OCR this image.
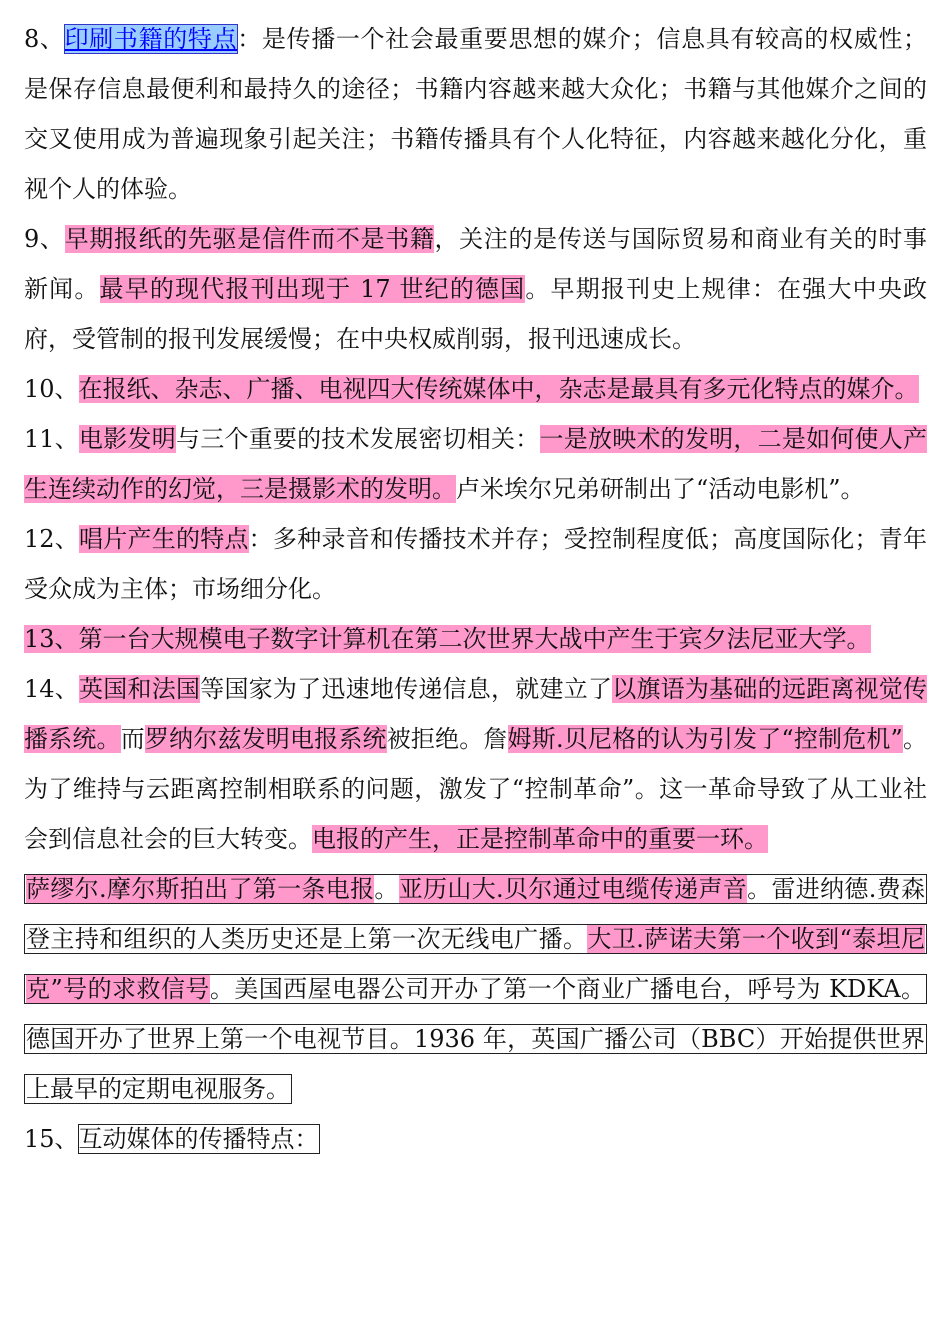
8、印刷书籍的特点：是传播一个社会最重要思想的媒介；信息具有较高的权威性；是保存信息最便利和最持久的途径；书籍内容越来越大众化；书籍与其他媒介之间的交叉使用成为普遍现象引起关注；书籍传播具有个人化特征，内容越来越化分化，重视个人的体验。

9、早期报纸的先驱是信件而不是书籍，关注的是传送与国际贸易和商业有关的时事新闻。最早的现代报刊出现于 17 世纪的德国。早期报刊史上规律：在强大中央政府，受管制的报刊发展缓慢；在中央权威削弱，报刊迅速成长。

10、在报纸、杂志、广播、电视四大传统媒体中，杂志是最具有多元化特点的媒介。

11、电影发明与三个重要的技术发展密切相关：一是放映术的发明，二是如何使人产生连续动作的幻觉，三是摄影术的发明。卢米埃尔兄弟研制出了“活动电影机”。

12、唱片产生的特点：多种录音和传播技术并存；受控制程度低；高度国际化；青年受众成为主体；市场细分化。

13、第一台大规模电子数字计算机在第二次世界大战中产生于宾夕法尼亚大学。

14、英国和法国等国家为了迅速地传递信息，就建立了以旗语为基础的远距离视觉传播系统。而罗纳尔兹发明电报系统被拒绝。詹姆斯.贝尼格的认为引发了“控制危机”。为了维持与云距离控制相联系的问题，激发了“控制革命”。这一革命导致了从工业社会到信息社会的巨大转变。电报的产生，正是控制革命中的重要一环。

萨缪尔.摩尔斯拍出了第一条电报。亚历山大.贝尔通过电缆传递声音。雷进纳德.费森登主持和组织的人类历史还是上第一次无线电广播。大卫.萨诺夫第一个收到“泰坦尼克”号的求救信号。美国西屋电器公司开办了第一个商业广播电台，呼号为 KDKA。德国开办了世界上第一个电视节目。1936 年，英国广播公司（BBC）开始提供世界上最早的定期电视服务。

15、互动媒体的传播特点：
